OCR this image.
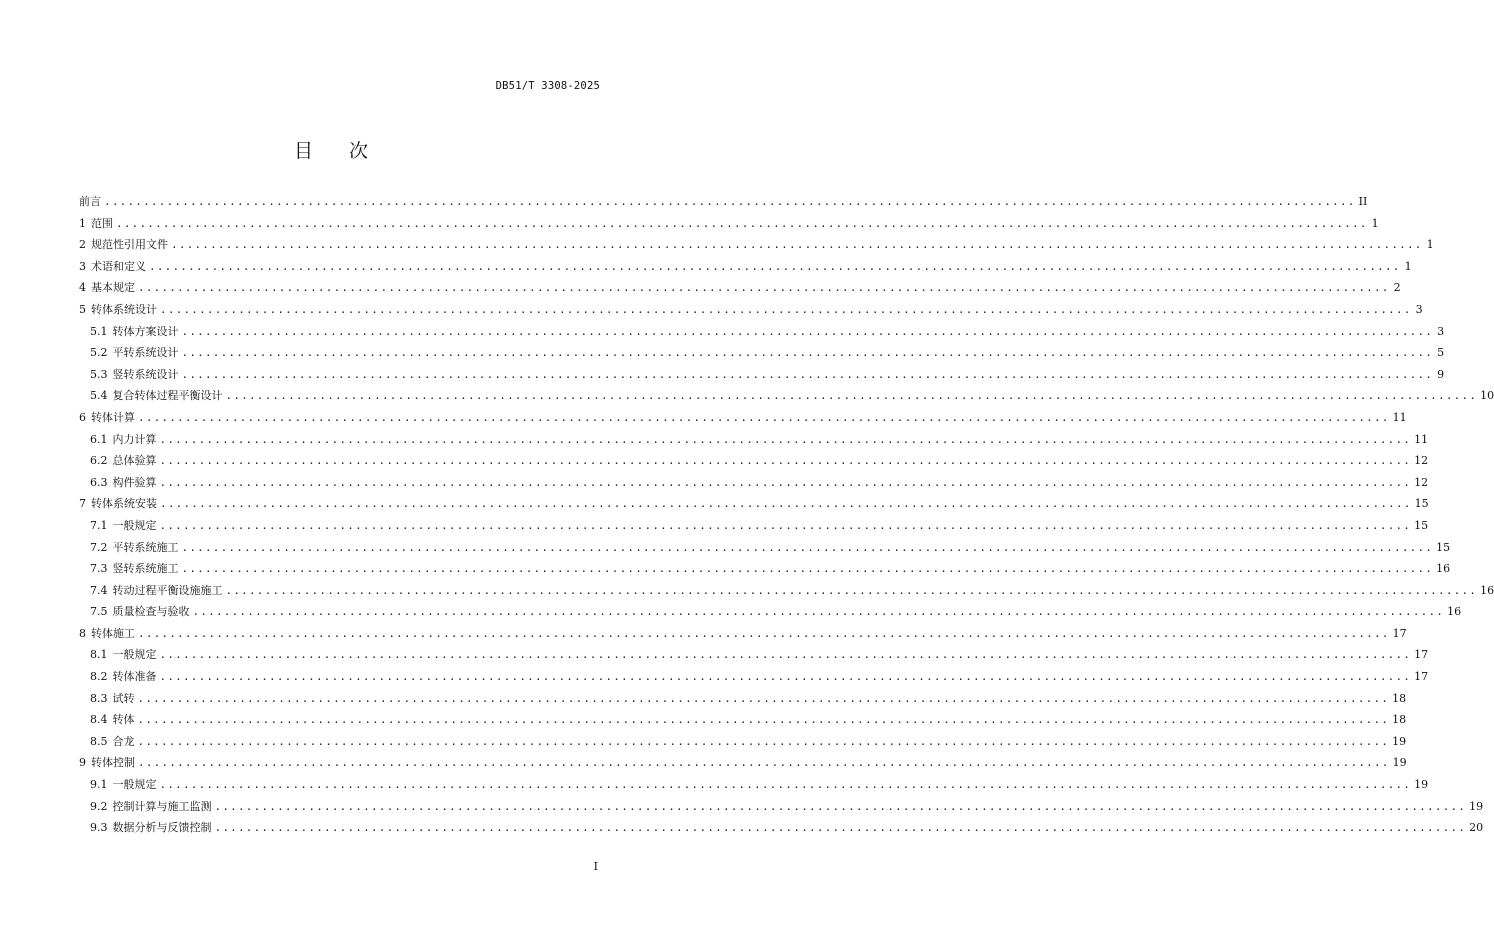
DB51/T 3308-2025
目 次
前言 ................................................................................................................................................................ II
1 范围 ................................................................................................................................................................ 1
2 规范性引用文件 ................................................................................................................................................................ 1
3 术语和定义 ................................................................................................................................................................ 1
4 基本规定 ................................................................................................................................................................ 2
5 转体系统设计 ................................................................................................................................................................ 3
5.1 转体方案设计 ................................................................................................................................................................ 3
5.2 平转系统设计 ................................................................................................................................................................ 5
5.3 竖转系统设计 ................................................................................................................................................................ 9
5.4 复合转体过程平衡设计 ................................................................................................................................................................ 10
6 转体计算 ................................................................................................................................................................ 11
6.1 内力计算 ................................................................................................................................................................ 11
6.2 总体验算 ................................................................................................................................................................ 12
6.3 构件验算 ................................................................................................................................................................ 12
7 转体系统安装 ................................................................................................................................................................ 15
7.1 一般规定 ................................................................................................................................................................ 15
7.2 平转系统施工 ................................................................................................................................................................ 15
7.3 竖转系统施工 ................................................................................................................................................................ 16
7.4 转动过程平衡设施施工 ................................................................................................................................................................ 16
7.5 质量检查与验收 ................................................................................................................................................................ 16
8 转体施工 ................................................................................................................................................................ 17
8.1 一般规定 ................................................................................................................................................................ 17
8.2 转体准备 ................................................................................................................................................................ 17
8.3 试转 ................................................................................................................................................................ 18
8.4 转体 ................................................................................................................................................................ 18
8.5 合龙 ................................................................................................................................................................ 19
9 转体控制 ................................................................................................................................................................ 19
9.1 一般规定 ................................................................................................................................................................ 19
9.2 控制计算与施工监测 ................................................................................................................................................................ 19
9.3 数据分析与反馈控制 ................................................................................................................................................................ 20
I
